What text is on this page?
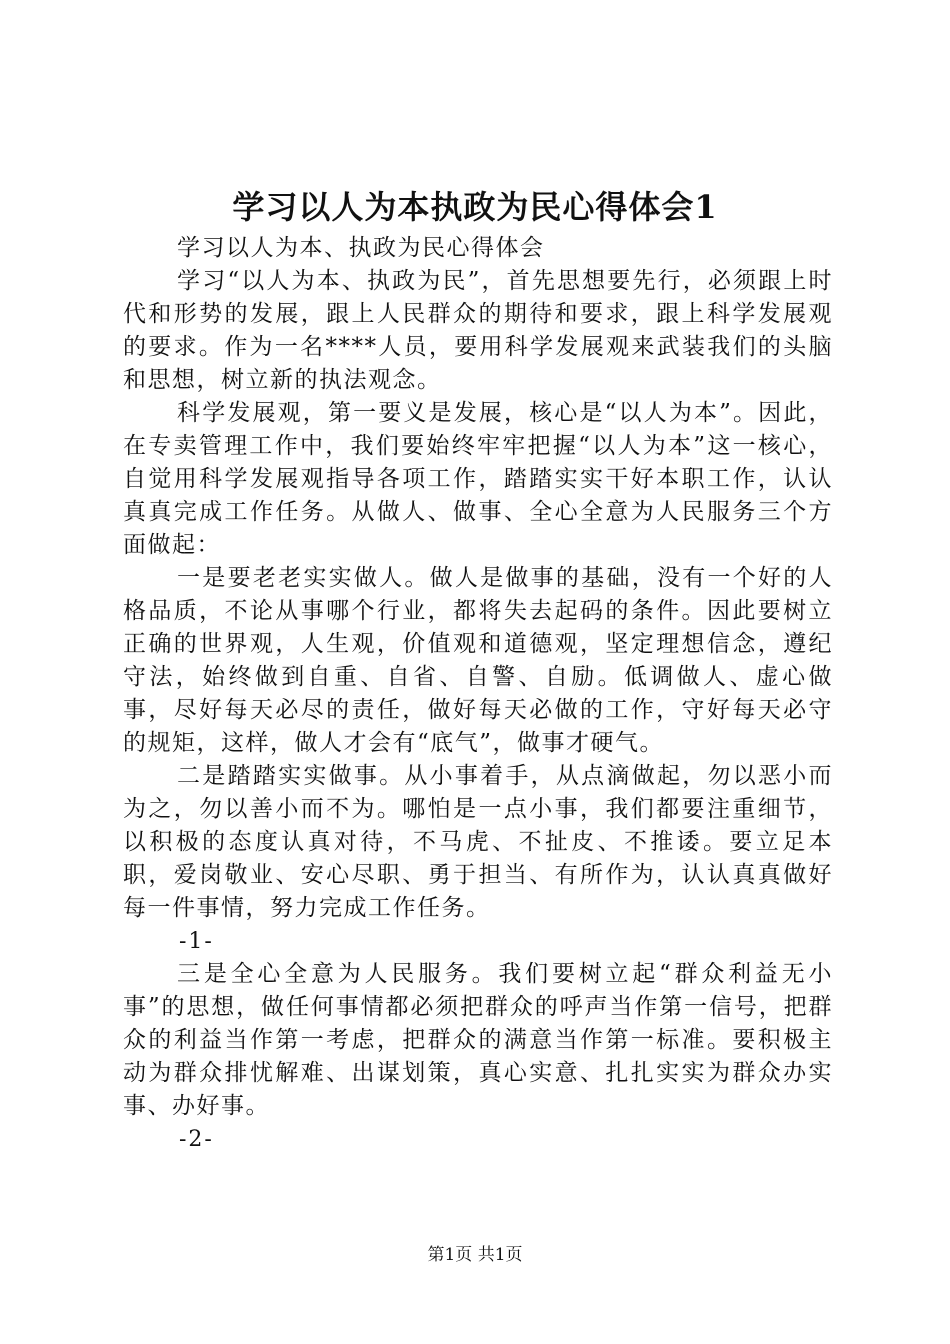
学习以人为本执政为民心得体会1

学习以人为本、执政为民心得体会

学习“以人为本、执政为民”，首先思想要先行，必须跟上时代和形势的发展，跟上人民群众的期待和要求，跟上科学发展观的要求。作为一名****人员，要用科学发展观来武装我们的头脑和思想，树立新的执法观念。

科学发展观，第一要义是发展，核心是“以人为本”。因此，在专卖管理工作中，我们要始终牢牢把握“以人为本”这一核心，自觉用科学发展观指导各项工作，踏踏实实干好本职工作，认认真真完成工作任务。从做人、做事、全心全意为人民服务三个方面做起：

一是要老老实实做人。做人是做事的基础，没有一个好的人格品质，不论从事哪个行业，都将失去起码的条件。因此要树立正确的世界观，人生观，价值观和道德观，坚定理想信念，遵纪守法，始终做到自重、自省、自警、自励。低调做人、虚心做事，尽好每天必尽的责任，做好每天必做的工作，守好每天必守的规矩，这样，做人才会有“底气”，做事才硬气。

二是踏踏实实做事。从小事着手，从点滴做起，勿以恶小而为之，勿以善小而不为。哪怕是一点小事，我们都要注重细节，以积极的态度认真对待，不马虎、不扯皮、不推诿。要立足本职，爱岗敬业、安心尽职、勇于担当、有所作为，认认真真做好每一件事情，努力完成工作任务。

-1-

三是全心全意为人民服务。我们要树立起“群众利益无小事”的思想，做任何事情都必须把群众的呼声当作第一信号，把群众的利益当作第一考虑，把群众的满意当作第一标准。要积极主动为群众排忧解难、出谋划策，真心实意、扎扎实实为群众办实事、办好事。

-2-

第1页 共1页
